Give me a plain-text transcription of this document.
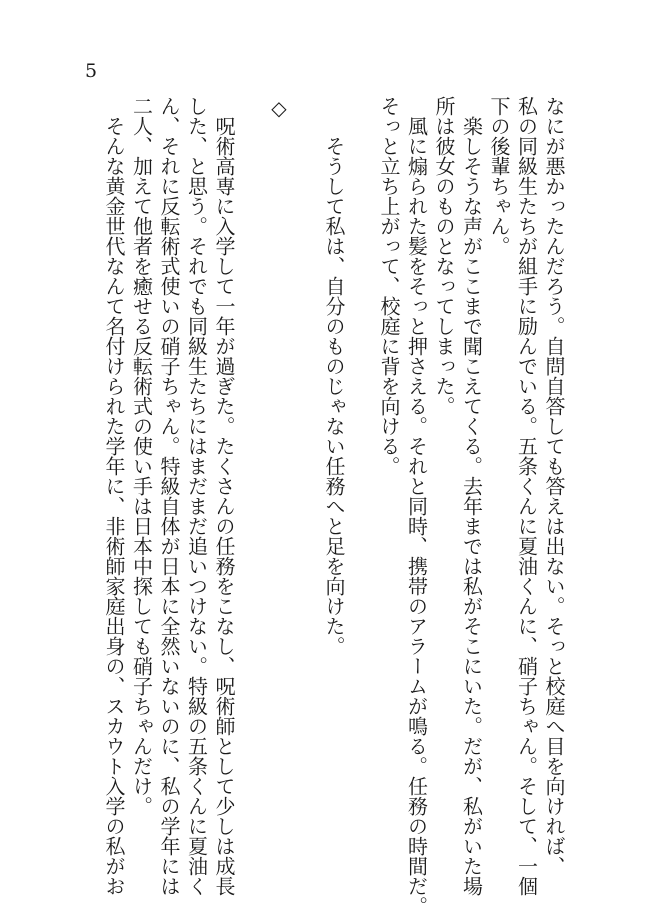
5
なにが悪かったんだろう。自問自答しても答えは出ない。そっと校庭へ目を向ければ、
私の同級生たちが組手に励んでいる。五条くんに夏油くんに、硝子ちゃん。そして、一個
下の後輩ちゃん。
楽しそうな声がここまで聞こえてくる。去年までは私がそこにいた。だが、私がいた場
所は彼女のものとなってしまった。
風に煽られた髪をそっと押さえる。それと同時、携帯のアラームが鳴る。任務の時間だ。
そっと立ち上がって、校庭に背を向ける。
そうして私は、自分のものじゃない任務へと足を向けた。
◇
呪術高専に入学して一年が過ぎた。たくさんの任務をこなし、呪術師として少しは成長
した、と思う。それでも同級生たちにはまだまだ追いつけない。特級の五条くんに夏油く
ん、それに反転術式使いの硝子ちゃん。特級自体が日本に全然いないのに、私の学年には
二人、加えて他者を癒せる反転術式の使い手は日本中探しても硝子ちゃんだけ。
そんな黄金世代なんて名付けられた学年に、非術師家庭出身の、スカウト入学の私がお
